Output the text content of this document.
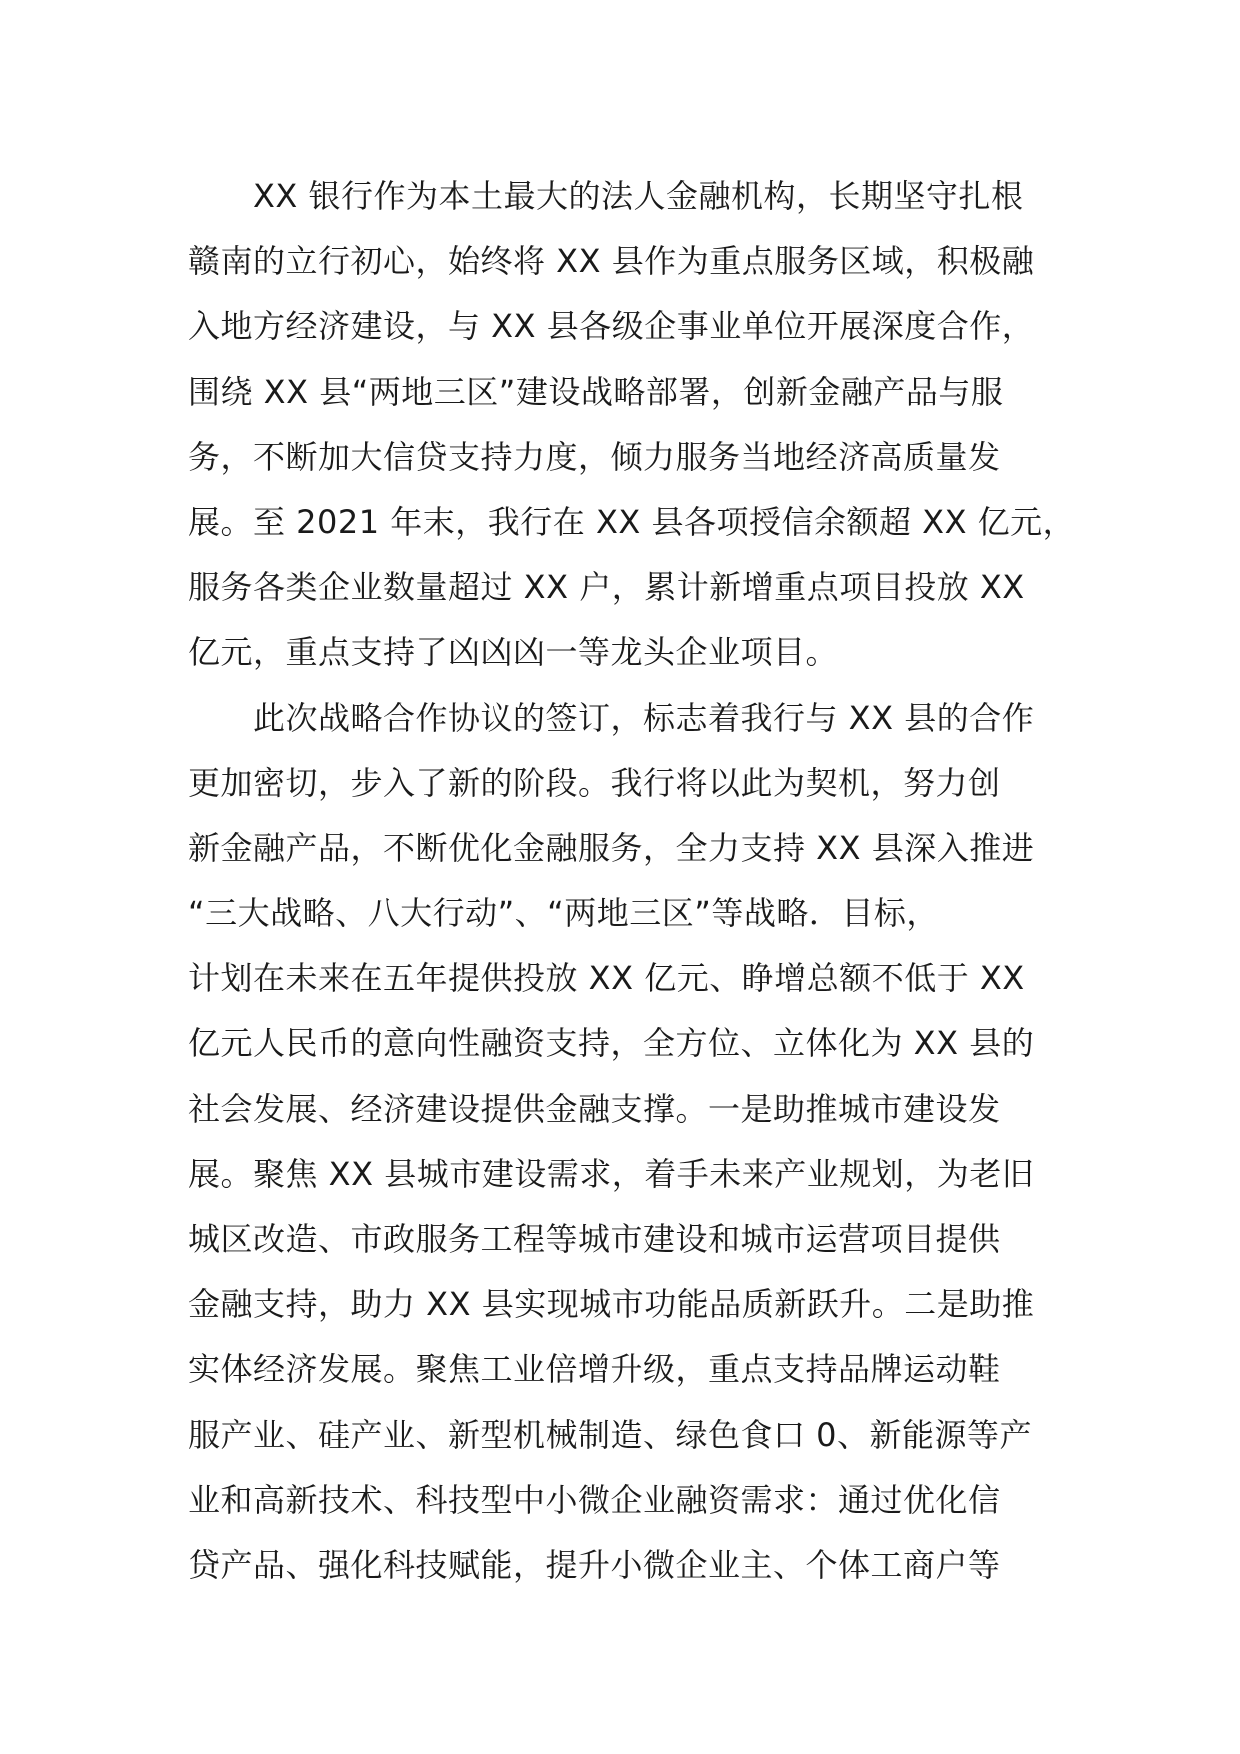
XX 银行作为本土最大的法人金融机构，长期坚守扎根
赣南的立行初心，始终将 XX 县作为重点服务区域，积极融
入地方经济建设，与 XX 县各级企事业单位开展深度合作，
围绕 XX 县“两地三区”建设战略部署，创新金融产品与服
务，不断加大信贷支持力度，倾力服务当地经济高质量发
展。至 2021 年末，我行在 XX 县各项授信余额超 XX 亿元，
服务各类企业数量超过 XX 户，累计新增重点项目投放 XX
亿元，重点支持了凶凶凶一等龙头企业项目。
此次战略合作协议的签订，标志着我行与 XX 县的合作
更加密切，步入了新的阶段。我行将以此为契机，努力创
新金融产品，不断优化金融服务，全力支持 XX 县深入推进
“三大战略、八大行动”、“两地三区”等战略．目标，
计划在未来在五年提供投放 XX 亿元、睁增总额不低于 XX
亿元人民币的意向性融资支持，全方位、立体化为 XX 县的
社会发展、经济建设提供金融支撑。一是助推城市建设发
展。聚焦 XX 县城市建设需求，着手未来产业规划，为老旧
城区改造、市政服务工程等城市建设和城市运营项目提供
金融支持，助力 XX 县实现城市功能品质新跃升。二是助推
实体经济发展。聚焦工业倍增升级，重点支持品牌运动鞋
服产业、硅产业、新型机械制造、绿色食口 0、新能源等产
业和高新技术、科技型中小微企业融资需求：通过优化信
贷产品、强化科技赋能，提升小微企业主、个体工商户等
